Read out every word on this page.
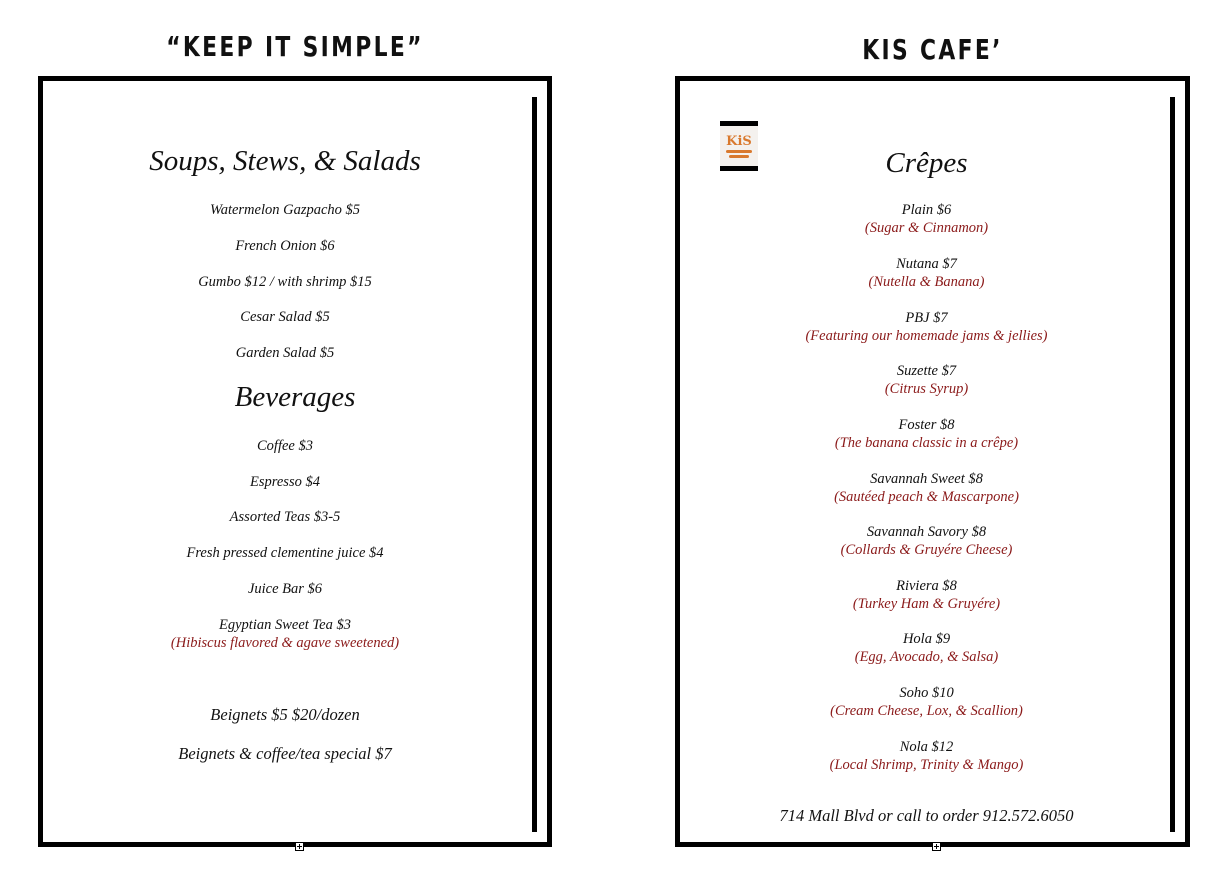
“KEEP IT SIMPLE”
Soups, Stews, & Salads
Watermelon Gazpacho $5
French Onion $6
Gumbo $12 / with shrimp $15
Cesar Salad $5
Garden Salad $5
Beverages
Coffee $3
Espresso $4
Assorted Teas $3-5
Fresh pressed clementine juice $4
Juice Bar $6
Egyptian Sweet Tea $3
(Hibiscus flavored & agave sweetened)
Beignets $5 $20/dozen
Beignets & coffee/tea special $7
KIS CAFE’
KiS
Crêpes
Plain $6
(Sugar & Cinnamon)
Nutana $7
(Nutella & Banana)
PBJ $7
(Featuring our homemade jams & jellies)
Suzette $7
(Citrus Syrup)
Foster $8
(The banana classic in a crêpe)
Savannah Sweet $8
(Sautéed peach & Mascarpone)
Savannah Savory $8
(Collards & Gruyére Cheese)
Riviera $8
(Turkey Ham & Gruyére)
Hola $9
(Egg, Avocado, & Salsa)
Soho $10
(Cream Cheese, Lox, & Scallion)
Nola $12
(Local Shrimp, Trinity & Mango)
714 Mall Blvd or call to order 912.572.6050
